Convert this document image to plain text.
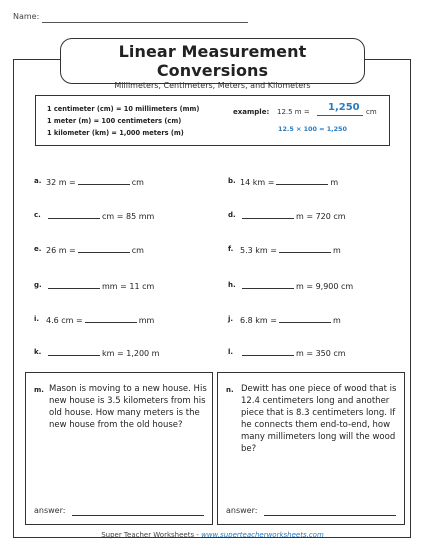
Name:
Linear Measurement Conversions
Millimeters, Centimeters, Meters, and Kilometers
1 centimeter (cm) = 10 millimeters (mm)
1 meter (m) = 100 centimeters (cm)
1 kilometer (km) = 1,000 meters (m)
example: 12.5 m = 1,250 cm
12.5 × 100 = 1,250
a. 32 m =	cm	b. 14 km =	m
c.	cm = 85 mm	d.	m = 720 cm
e. 26 m =	cm	f. 5.3 km =	m
g.	mm = 11 cm	h.	m = 9,900 cm
i. 4.6 cm =	mm	j. 6.8 km =	m
k.	km = 1,200 m	l.	m = 350 cm
m. Mason is moving to a new house. His new house is 3.5 kilometers from his old house. How many meters is the new house from the old house?
answer:
n. Dewitt has one piece of wood that is 12.4 centimeters long and another piece that is 8.3 centimeters long. If he connects them end-to-end, how many millimeters long will the wood be?
answer:
Super Teacher Worksheets - www.superteacherworksheets.com
